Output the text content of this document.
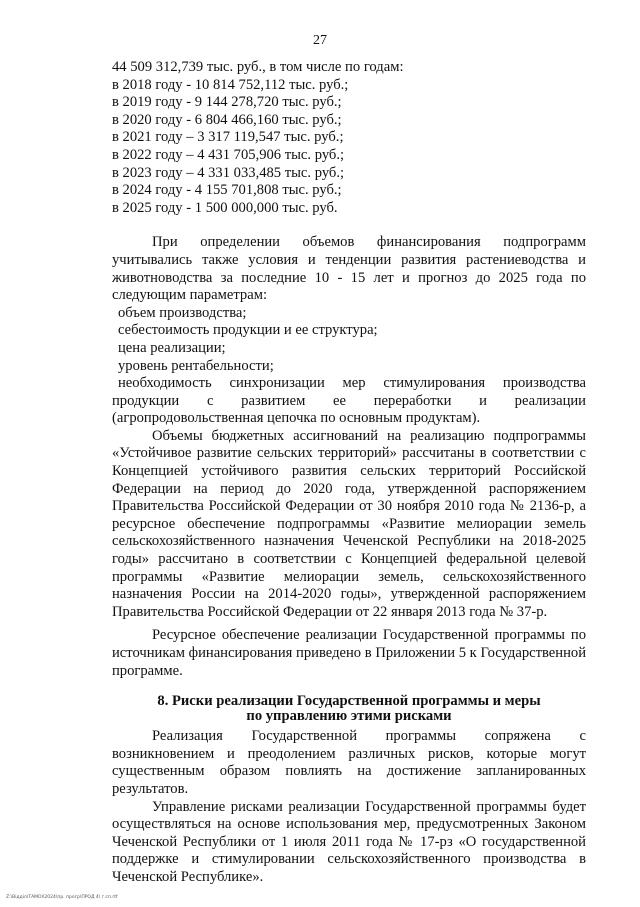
27
44 509 312,739 тыс. руб., в том числе по годам:
в 2018 году - 10 814 752,112 тыс. руб.;
в 2019 году - 9 144 278,720 тыс. руб.;
в 2020 году - 6 804 466,160 тыс. руб.;
в 2021 году – 3 317 119,547 тыс. руб.;
в 2022 году – 4 431 705,906 тыс. руб.;
в 2023 году – 4 331 033,485 тыс. руб.;
в 2024 году - 4 155 701,808 тыс. руб.;
в 2025 году - 1 500 000,000 тыс. руб.

При определении объемов финансирования подпрограмм учитывались также условия и тенденции развития растениеводства и животноводства за последние 10 - 15 лет и прогноз до 2025 года по следующим параметрам:

объем производства;
себестоимость продукции и ее структура;
цена реализации;
уровень рентабельности;

необходимость синхронизации мер стимулирования производства продукции с развитием ее переработки и реализации (агропродовольственная цепочка по основным продуктам).

Объемы бюджетных ассигнований на реализацию подпрограммы «Устойчивое развитие сельских территорий» рассчитаны в соответствии с Концепцией устойчивого развития сельских территорий Российской Федерации на период до 2020 года, утвержденной распоряжением Правительства Российской Федерации от 30 ноября 2010 года № 2136-р, а ресурсное обеспечение подпрограммы «Развитие мелиорации земель сельскохозяйственного назначения Чеченской Республики на 2018-2025 годы» рассчитано в соответствии с Концепцией федеральной целевой программы «Развитие мелиорации земель, сельскохозяйственного назначения России на 2014-2020 годы», утвержденной распоряжением Правительства Российской Федерации от 22 января 2013 года № 37-р.

Ресурсное обеспечение реализации Государственной программы по источникам финансирования приведено в Приложении 5 к Государственной программе.

8. Риски реализации Государственной программы и меры
по управлению этими рисками

Реализация Государственной программы сопряжена с возникновением и преодолением различных рисков, которые могут существенным образом повлиять на достижение запланированных результатов.

Управление рисками реализации Государственной программы будет осуществляться на основе использования мер, предусмотренных Законом Чеченской Республики от 1 июля 2011 года № 17-рз «О государственной поддержке и стимулировании сельскохозяйственного производства в Чеченской Республике».

Z:\Відділ\ТАМОІ\2024\пр. прогр\ПРОД 4\ г.сп.rtf
